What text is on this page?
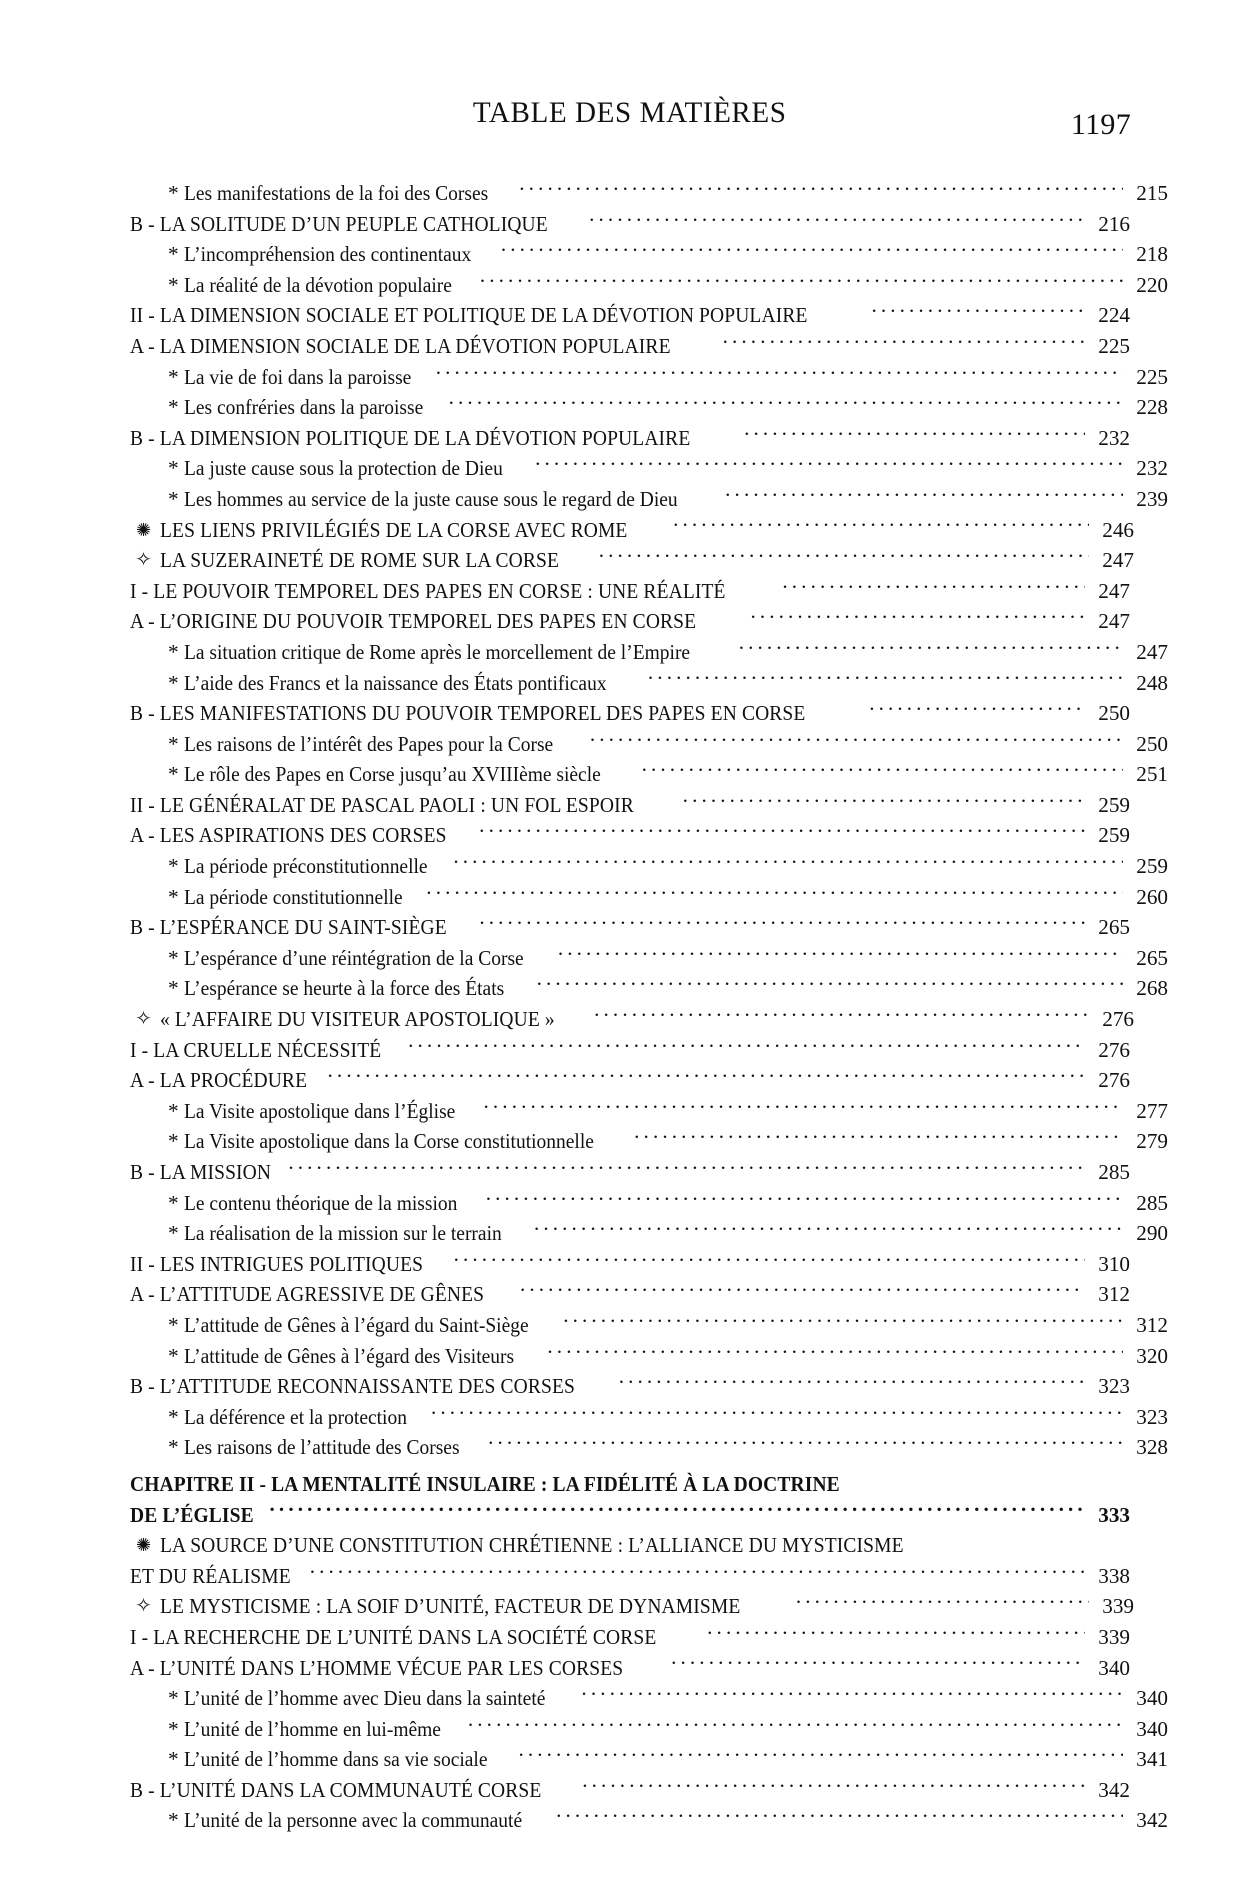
TABLE DES MATIÈRES	1197
* Les manifestations de la foi des Corses . . .	215
B - LA SOLITUDE D’UN PEUPLE CATHOLIQUE . . .	216
* L’incompréhension des continentaux . . .	218
* La réalité de la dévotion populaire . . .	220
II - LA DIMENSION SOCIALE ET POLITIQUE DE LA DÉVOTION POPULAIRE . . .	224
A - LA DIMENSION SOCIALE DE LA DÉVOTION POPULAIRE . . .	225
* La vie de foi dans la paroisse . . .	225
* Les confréries dans la paroisse . . .	228
B - LA DIMENSION POLITIQUE DE LA DÉVOTION POPULAIRE . . .	232
* La juste cause sous la protection de Dieu . . .	232
* Les hommes au service de la juste cause sous le regard de Dieu . . .	239
✺ LES LIENS PRIVILÉGIÉS DE LA CORSE AVEC ROME . . .	246
✧ LA SUZERAINETÉ DE ROME SUR LA CORSE . . .	247
I - LE POUVOIR TEMPOREL DES PAPES EN CORSE : UNE RÉALITÉ . . .	247
A - L’ORIGINE DU POUVOIR TEMPOREL DES PAPES EN CORSE . . .	247
* La situation critique de Rome après le morcellement de l’Empire . . .	247
* L’aide des Francs et la naissance des États pontificaux . . .	248
B - LES MANIFESTATIONS DU POUVOIR TEMPOREL DES PAPES EN CORSE . . .	250
* Les raisons de l’intérêt des Papes pour la Corse . . .	250
* Le rôle des Papes en Corse jusqu’au XVIIIème siècle . . .	251
II - LE GÉNÉRALAT DE PASCAL PAOLI : UN FOL ESPOIR . . .	259
A - LES ASPIRATIONS DES CORSES . . .	259
* La période préconstitutionnelle . . .	259
* La période constitutionnelle . . .	260
B - L’ESPÉRANCE DU SAINT-SIÈGE . . .	265
* L’espérance d’une réintégration de la Corse . . .	265
* L’espérance se heurte à la force des États . . .	268
✧ « L’AFFAIRE DU VISITEUR APOSTOLIQUE » . . .	276
I - LA CRUELLE NÉCESSITÉ . . .	276
A - LA PROCÉDURE . . .	276
* La Visite apostolique dans l’Église . . .	277
* La Visite apostolique dans la Corse constitutionnelle . . .	279
B - LA MISSION . . .	285
* Le contenu théorique de la mission . . .	285
* La réalisation de la mission sur le terrain . . .	290
II - LES INTRIGUES POLITIQUES . . .	310
A - L’ATTITUDE AGRESSIVE DE GÊNES . . .	312
* L’attitude de Gênes à l’égard du Saint-Siège . . .	312
* L’attitude de Gênes à l’égard des Visiteurs . . .	320
B - L’ATTITUDE RECONNAISSANTE DES CORSES . . .	323
* La déférence et la protection . . .	323
* Les raisons de l’attitude des Corses . . .	328
CHAPITRE II - LA MENTALITÉ INSULAIRE : LA FIDÉLITÉ À LA DOCTRINE
DE L’ÉGLISE . . .	333
✺ LA SOURCE D’UNE CONSTITUTION CHRÉTIENNE : L’ALLIANCE DU MYSTICISME
ET DU RÉALISME . . .	338
✧ LE MYSTICISME : LA SOIF D’UNITÉ, FACTEUR DE DYNAMISME . . .	339
I - LA RECHERCHE DE L’UNITÉ DANS LA SOCIÉTÉ CORSE . . .	339
A - L’UNITÉ DANS L’HOMME VÉCUE PAR LES CORSES . . .	340
* L’unité de l’homme avec Dieu dans la sainteté . . .	340
* L’unité de l’homme en lui-même . . .	340
* L’unité de l’homme dans sa vie sociale . . .	341
B - L’UNITÉ DANS LA COMMUNAUTÉ CORSE . . .	342
* L’unité de la personne avec la communauté . . .	342
